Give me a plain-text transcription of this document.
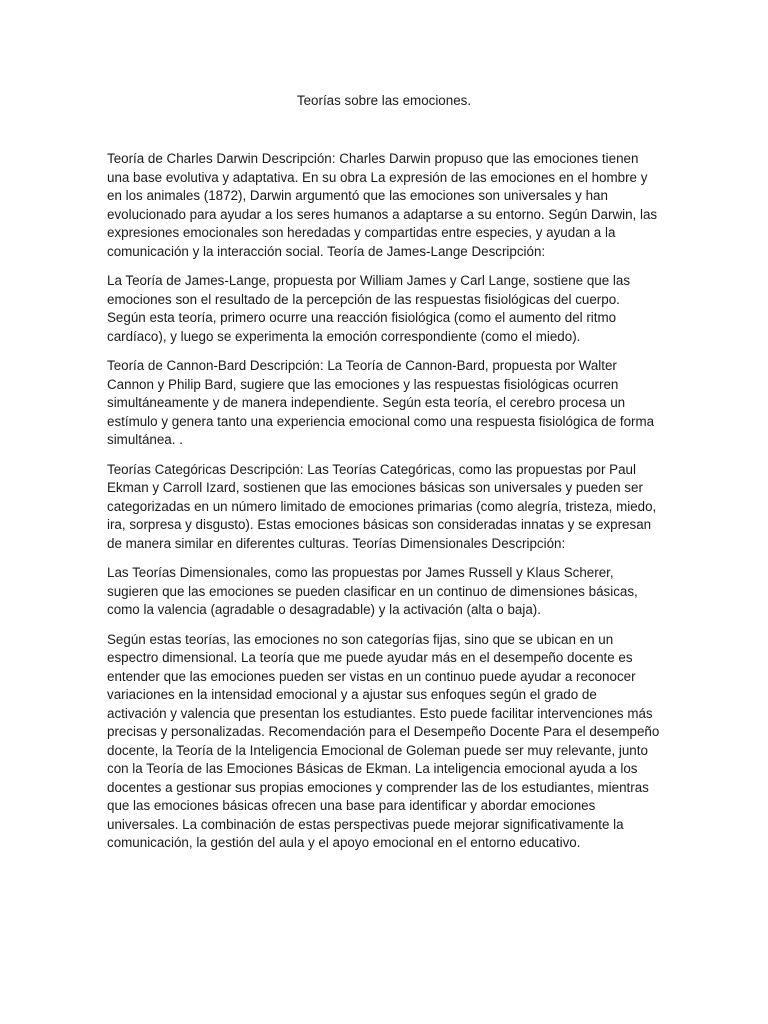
Teorías sobre las emociones.

Teoría de Charles Darwin Descripción: Charles Darwin propuso que las emociones tienen una base evolutiva y adaptativa. En su obra La expresión de las emociones en el hombre y en los animales (1872), Darwin argumentó que las emociones son universales y han evolucionado para ayudar a los seres humanos a adaptarse a su entorno. Según Darwin, las expresiones emocionales son heredadas y compartidas entre especies, y ayudan a la comunicación y la interacción social. Teoría de James-Lange Descripción:

La Teoría de James-Lange, propuesta por William James y Carl Lange, sostiene que las emociones son el resultado de la percepción de las respuestas fisiológicas del cuerpo. Según esta teoría, primero ocurre una reacción fisiológica (como el aumento del ritmo cardíaco), y luego se experimenta la emoción correspondiente (como el miedo).

Teoría de Cannon-Bard Descripción: La Teoría de Cannon-Bard, propuesta por Walter Cannon y Philip Bard, sugiere que las emociones y las respuestas fisiológicas ocurren simultáneamente y de manera independiente. Según esta teoría, el cerebro procesa un estímulo y genera tanto una experiencia emocional como una respuesta fisiológica de forma simultánea. .

Teorías Categóricas Descripción: Las Teorías Categóricas, como las propuestas por Paul Ekman y Carroll Izard, sostienen que las emociones básicas son universales y pueden ser categorizadas en un número limitado de emociones primarias (como alegría, tristeza, miedo, ira, sorpresa y disgusto). Estas emociones básicas son consideradas innatas y se expresan de manera similar en diferentes culturas. Teorías Dimensionales Descripción:

Las Teorías Dimensionales, como las propuestas por James Russell y Klaus Scherer, sugieren que las emociones se pueden clasificar en un continuo de dimensiones básicas, como la valencia (agradable o desagradable) y la activación (alta o baja).

Según estas teorías, las emociones no son categorías fijas, sino que se ubican en un espectro dimensional. La teoría que me puede ayudar más en el desempeño docente es entender que las emociones pueden ser vistas en un continuo puede ayudar a reconocer variaciones en la intensidad emocional y a ajustar sus enfoques según el grado de activación y valencia que presentan los estudiantes. Esto puede facilitar intervenciones más precisas y personalizadas. Recomendación para el Desempeño Docente Para el desempeño docente, la Teoría de la Inteligencia Emocional de Goleman puede ser muy relevante, junto con la Teoría de las Emociones Básicas de Ekman. La inteligencia emocional ayuda a los docentes a gestionar sus propias emociones y comprender las de los estudiantes, mientras que las emociones básicas ofrecen una base para identificar y abordar emociones universales. La combinación de estas perspectivas puede mejorar significativamente la comunicación, la gestión del aula y el apoyo emocional en el entorno educativo.
